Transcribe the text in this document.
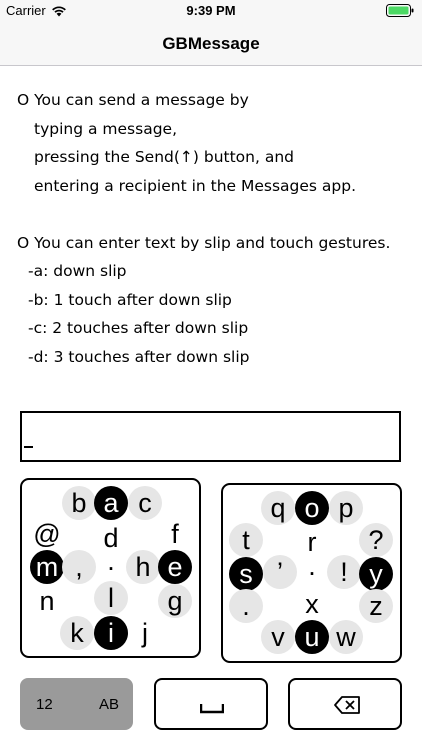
Carrier	9:39 PM
GBMessage
O You can send a message by
typing a message,
pressing the Send(↑) button, and
entering a recipient in the Messages app.
O You can enter text by slip and touch gestures.
-a: down slip
-b: 1 touch after down slip
-c: 2 touches after down slip
-d: 3 touches after down slip
b a c
@ d f
m , · h e
n l g
k i j
q o p
t r ?
s ’ · ! y
. x z
v u w
12	AB
